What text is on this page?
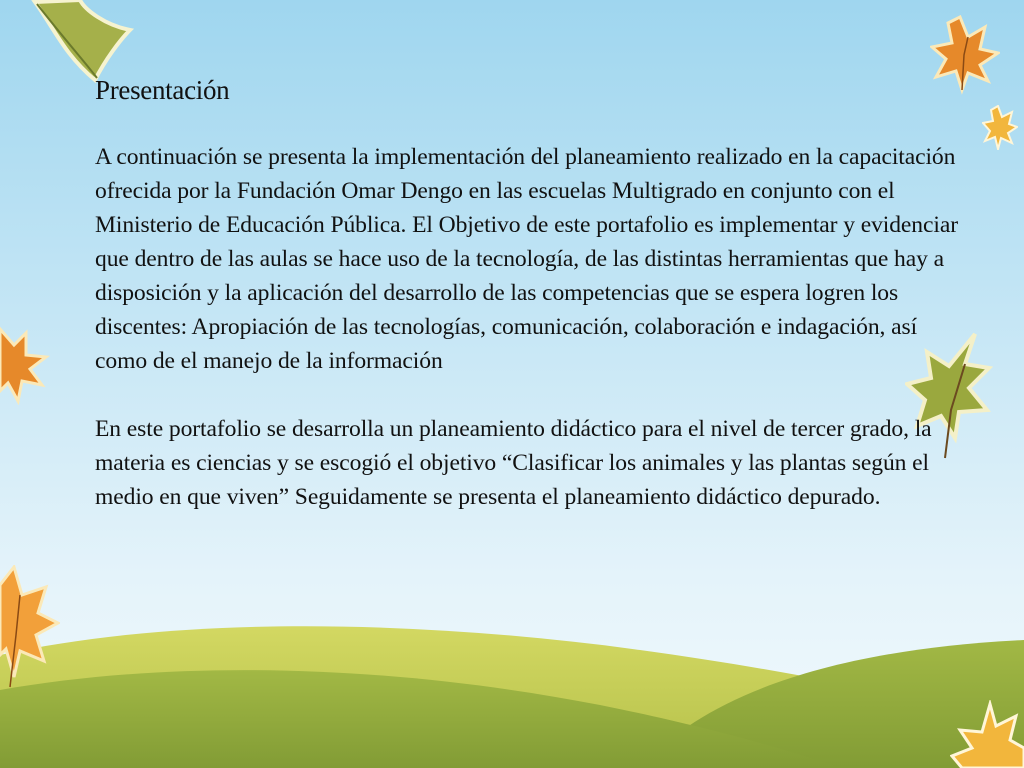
Presentación

A continuación se presenta la implementación del planeamiento realizado en la capacitación ofrecida por la Fundación Omar Dengo en las escuelas Multigrado en conjunto con el Ministerio de Educación Pública. El Objetivo de este portafolio es implementar y evidenciar que dentro de las aulas se hace uso de la tecnología, de las distintas herramientas que hay a disposición y la aplicación del desarrollo de las competencias que se espera logren los discentes: Apropiación de las tecnologías, comunicación, colaboración e indagación, así como de el manejo de la información

En este portafolio se desarrolla un planeamiento didáctico para el nivel de tercer grado, la materia es ciencias y se escogió el objetivo “Clasificar los animales y las plantas según el medio en que viven” Seguidamente se presenta el planeamiento didáctico depurado.
